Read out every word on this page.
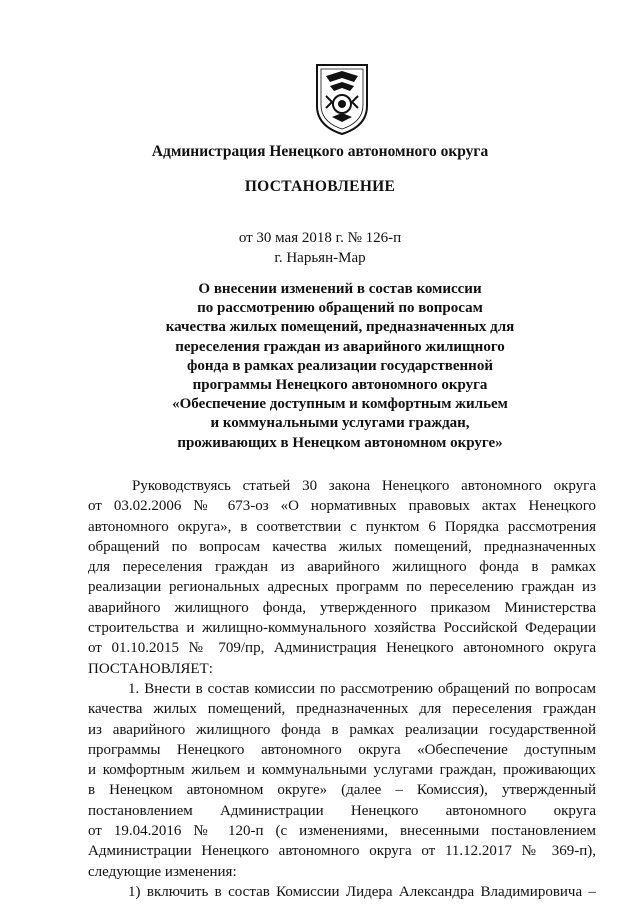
Администрация Ненецкого автономного округа
ПОСТАНОВЛЕНИЕ
от 30 мая 2018 г. № 126-п
г. Нарьян-Мар
О внесении изменений в состав комиссии
по рассмотрению обращений по вопросам
качества жилых помещений, предназначенных для
переселения граждан из аварийного жилищного
фонда в рамках реализации государственной
программы Ненецкого автономного округа
«Обеспечение доступным и комфортным жильем
и коммунальными услугами граждан,
проживающих в Ненецком автономном округе»
Руководствуясь статьей 30 закона Ненецкого автономного округа
от 03.02.2006 № 673-оз «О нормативных правовых актах Ненецкого
автономного округа», в соответствии с пунктом 6 Порядка рассмотрения
обращений по вопросам качества жилых помещений, предназначенных
для переселения граждан из аварийного жилищного фонда в рамках
реализации региональных адресных программ по переселению граждан из
аварийного жилищного фонда, утвержденного приказом Министерства
строительства и жилищно-коммунального хозяйства Российской Федерации
от 01.10.2015 № 709/пр, Администрация Ненецкого автономного округа
ПОСТАНОВЛЯЕТ:
1. Внести в состав комиссии по рассмотрению обращений по вопросам
качества жилых помещений, предназначенных для переселения граждан
из аварийного жилищного фонда в рамках реализации государственной
программы Ненецкого автономного округа «Обеспечение доступным
и комфортным жильем и коммунальными услугами граждан, проживающих
в Ненецком автономном округе» (далее – Комиссия), утвержденный
постановлением Администрации Ненецкого автономного округа
от 19.04.2016 № 120-п (с изменениями, внесенными постановлением
Администрации Ненецкого автономного округа от 11.12.2017 № 369-п),
следующие изменения:
1) включить в состав Комиссии Лидера Александра Владимировича –
